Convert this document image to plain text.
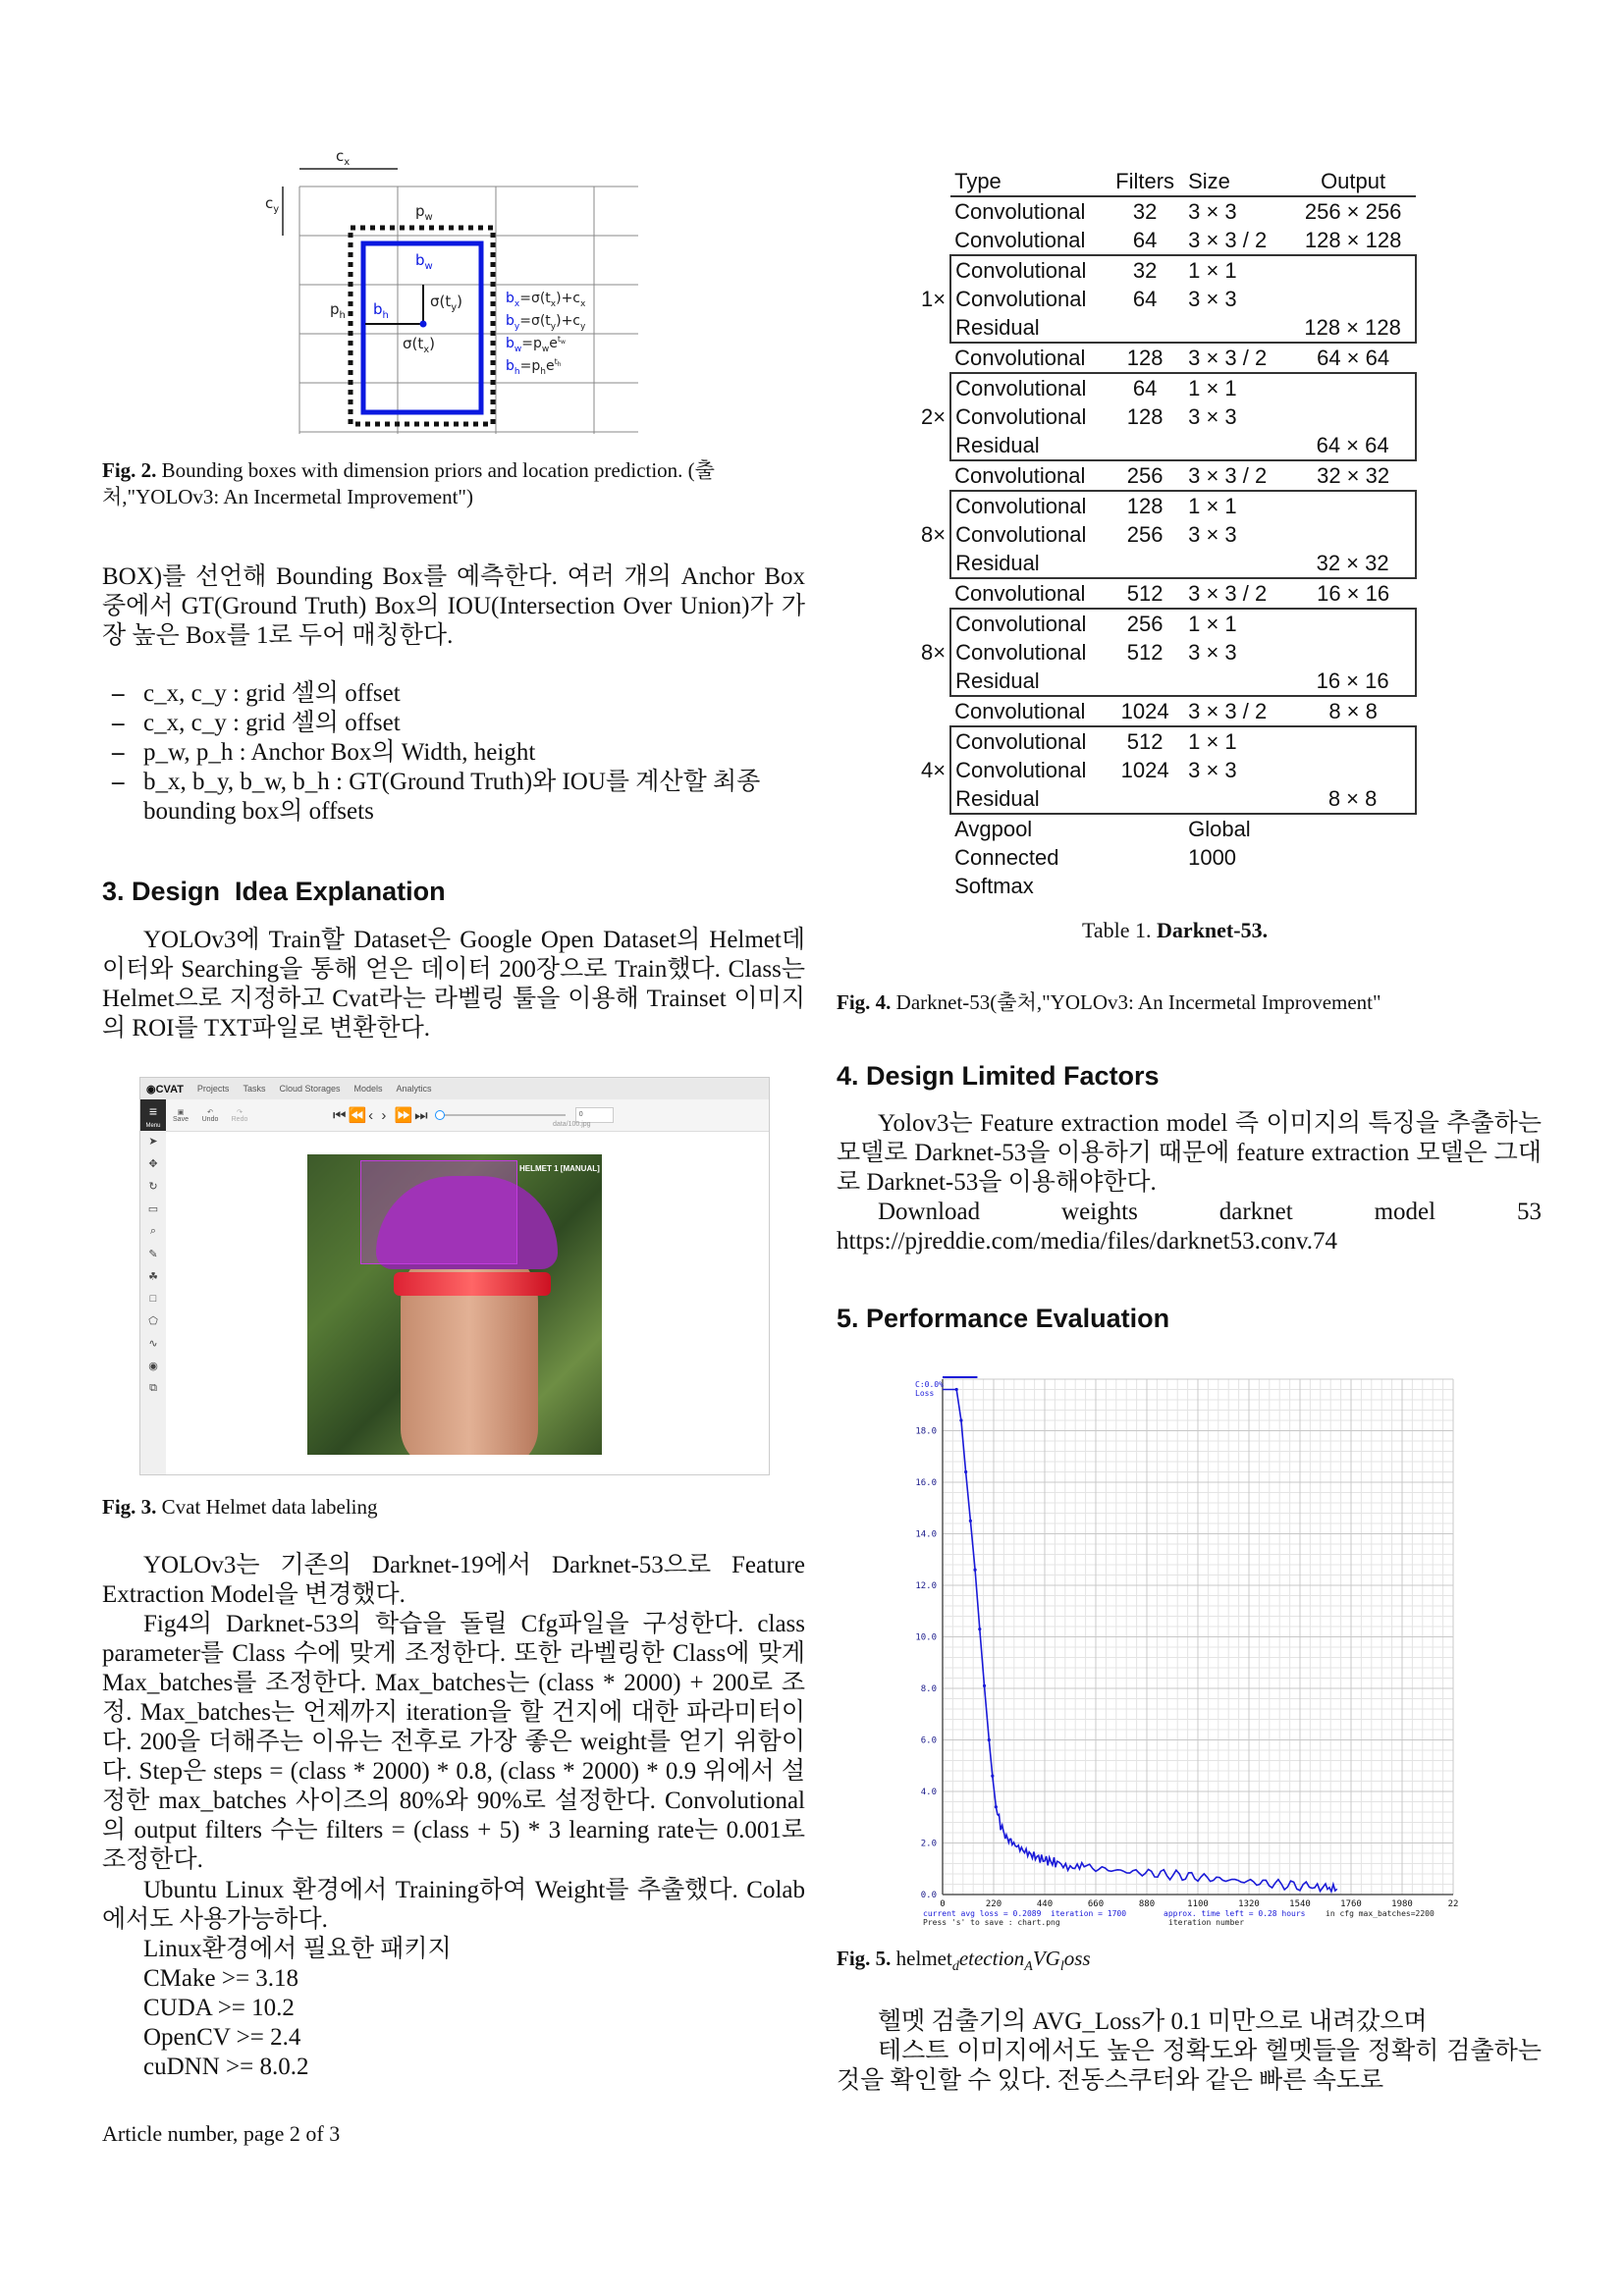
$c_x$
$c_y$	$p_w$
$b_w$
$p_h$ $b_h$
$\sigma(t_y)$
$\sigma(t_x)$
$b_x=\sigma(t_x)+c_x$
$b_y=\sigma(t_y)+c_y$
$b_w=p_we^tw$
$b_h=p_he^th$
Fig. 2. Bounding boxes with dimension priors and location prediction. (출처,"YOLOv3: An Incermetal Improvement")
BOX)를 선언해 Bounding Box를 예측한다. 여러 개의 Anchor Box 중에서 GT(Ground Truth) Box의 IOU(Intersection Over Union)가 가장 높은 Box를 1로 두어 매칭한다.
– c_x, c_y : grid 셀의 offset
– c_x, c_y : grid 셀의 offset
– p_w, p_h : Anchor Box의 Width, height
– b_x, b_y, b_w, b_h : GT(Ground Truth)와 IOU를 계산할 최종 bounding box의 offsets
3. Design  Idea Explanation
YOLOv3에 Train할 Dataset은 Google Open Dataset의 Helmet데이터와 Searching을 통해 얻은 데이터 200장으로 Train했다. Class는 Helmet으로 지정하고 Cvat라는 라벨링 툴을 이용해 Trainset 이미지의 ROI를 TXT파일로 변환한다.
◉CVAT Projects Tasks Cloud Storages Models Analytics
≡
Menu
▣
Save
↶
Undo
↷
Redo	⏮⏪‹ › ⏩⏭	0
data/100.jpg
➤
✥
↻
▭
⌕
✎
☘
□
⬠
∿
◉
⧉
HELMET 1 [MANUAL]
Fig. 3. Cvat Helmet data labeling
YOLOv3는 기존의 Darknet-19에서 Darknet-53으로 Feature Extraction Model을 변경했다.
Fig4의 Darknet-53의 학습을 돌릴 Cfg파일을 구성한다. class parameter를 Class 수에 맞게 조정한다. 또한 라벨링한 Class에 맞게 Max_batches를 조정한다. Max_batches는 (class * 2000) + 200로 조정. Max_batches는 언제까지 iteration을 할 건지에 대한 파라미터이다. 200을 더해주는 이유는 전후로 가장 좋은 weight를 얻기 위함이다. Step은 steps = (class * 2000) * 0.8, (class * 2000) * 0.9 위에서 설정한 max_batches 사이즈의 80%와 90%로 설정한다. Convolutional의 output filters 수는 filters = (class + 5) * 3 learning rate는 0.001로 조정한다.
Ubuntu Linux 환경에서 Training하여 Weight를 추출했다. Colab에서도 사용가능하다.
Linux환경에서 필요한 패키지
CMake >= 3.18
CUDA >= 10.2
OpenCV >= 2.4
cuDNN >= 8.0.2
Article number, page 2 of 3
	Type	Filters	Size	Output
	Convolutional	32	3 × 3	256 × 256
	Convolutional	64	3 × 3 / 2	128 × 128
	Convolutional	32	1 × 1	
1×	Convolutional	64	3 × 3	
	Residual			128 × 128
	Convolutional	128	3 × 3 / 2	64 × 64
	Convolutional	64	1 × 1	
2×	Convolutional	128	3 × 3	
	Residual			64 × 64
	Convolutional	256	3 × 3 / 2	32 × 32
	Convolutional	128	1 × 1	
8×	Convolutional	256	3 × 3	
	Residual			32 × 32
	Convolutional	512	3 × 3 / 2	16 × 16
	Convolutional	256	1 × 1	
8×	Convolutional	512	3 × 3	
	Residual			16 × 16
	Convolutional	1024	3 × 3 / 2	8 × 8
	Convolutional	512	1 × 1	
4×	Convolutional	1024	3 × 3	
	Residual			8 × 8
	Avgpool		Global	
	Connected		1000	
	Softmax			
Table 1. Darknet-53.
Fig. 4. Darknet-53(출처,"YOLOv3: An Incermetal Improvement"
4. Design Limited Factors
Yolov3는 Feature extraction model 즉 이미지의 특징을 추출하는 모델로 Darknet-53을 이용하기 때문에 feature extraction 모델은 그대로 Darknet-53을 이용해야한다.
Download	weights	darknet	model	53
https://pjreddie.com/media/files/darknet53.conv.74
5. Performance Evaluation
0.0
2.0
4.0
6.0
8.0
10.0
12.0
14.0
16.0
18.0
0	220	440	660	880	1100	1320	1540	1760	1980	22
C:0.0%
Loss
current avg loss = 0.2089 iteration = 1700	approx. time left = 0.28 hours	in cfg max_batches=2200
Press 's' to save : chart.png	iteration number
Fig. 5. $helmet_detection_AVG_loss$
헬멧 검출기의 AVG_Loss가 0.1 미만으로 내려갔으며
테스트 이미지에서도 높은 정확도와 헬멧들을 정확히 검출하는 것을 확인할 수 있다. 전동스쿠터와 같은 빠른 속도로
